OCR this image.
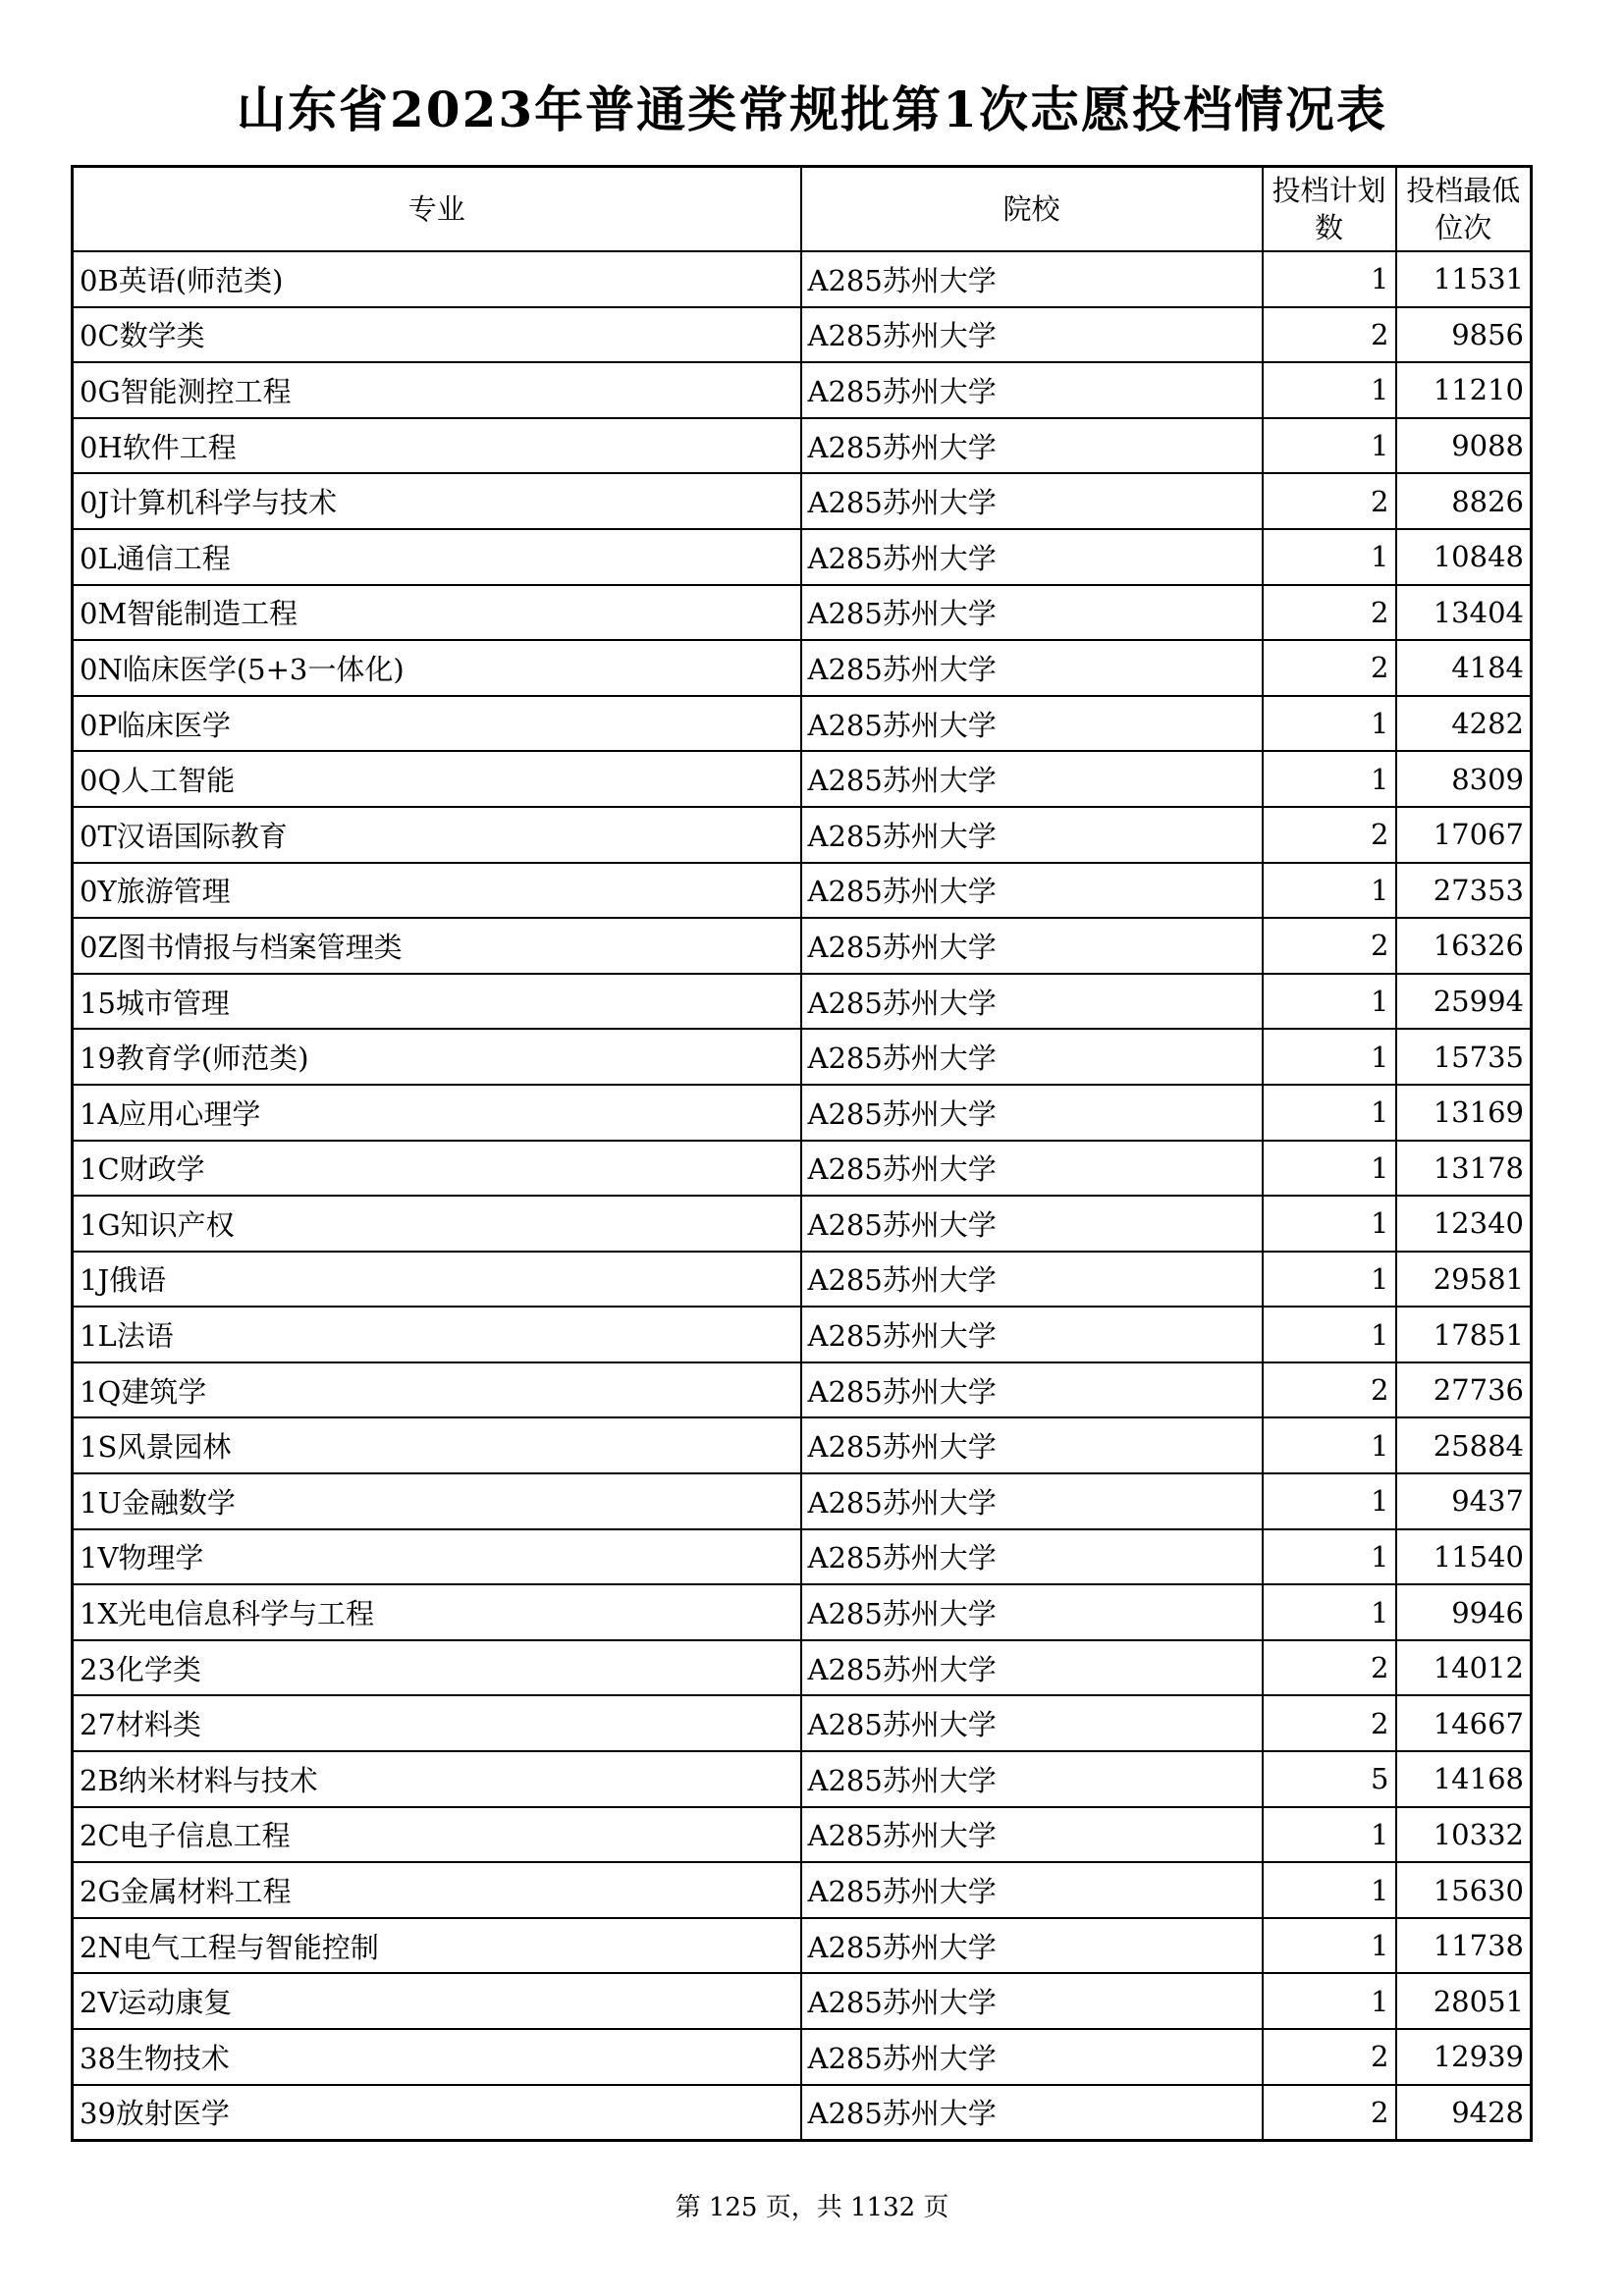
山东省2023年普通类常规批第1次志愿投档情况表
专业	院校	投档计划数	投档最低位次
0B英语(师范类)	A285苏州大学	1	11531
0C数学类	A285苏州大学	2	9856
0G智能测控工程	A285苏州大学	1	11210
0H软件工程	A285苏州大学	1	9088
0J计算机科学与技术	A285苏州大学	2	8826
0L通信工程	A285苏州大学	1	10848
0M智能制造工程	A285苏州大学	2	13404
0N临床医学(5+3一体化)	A285苏州大学	2	4184
0P临床医学	A285苏州大学	1	4282
0Q人工智能	A285苏州大学	1	8309
0T汉语国际教育	A285苏州大学	2	17067
0Y旅游管理	A285苏州大学	1	27353
0Z图书情报与档案管理类	A285苏州大学	2	16326
15城市管理	A285苏州大学	1	25994
19教育学(师范类)	A285苏州大学	1	15735
1A应用心理学	A285苏州大学	1	13169
1C财政学	A285苏州大学	1	13178
1G知识产权	A285苏州大学	1	12340
1J俄语	A285苏州大学	1	29581
1L法语	A285苏州大学	1	17851
1Q建筑学	A285苏州大学	2	27736
1S风景园林	A285苏州大学	1	25884
1U金融数学	A285苏州大学	1	9437
1V物理学	A285苏州大学	1	11540
1X光电信息科学与工程	A285苏州大学	1	9946
23化学类	A285苏州大学	2	14012
27材料类	A285苏州大学	2	14667
2B纳米材料与技术	A285苏州大学	5	14168
2C电子信息工程	A285苏州大学	1	10332
2G金属材料工程	A285苏州大学	1	15630
2N电气工程与智能控制	A285苏州大学	1	11738
2V运动康复	A285苏州大学	1	28051
38生物技术	A285苏州大学	2	12939
39放射医学	A285苏州大学	2	9428
第 125 页，共 1132 页
